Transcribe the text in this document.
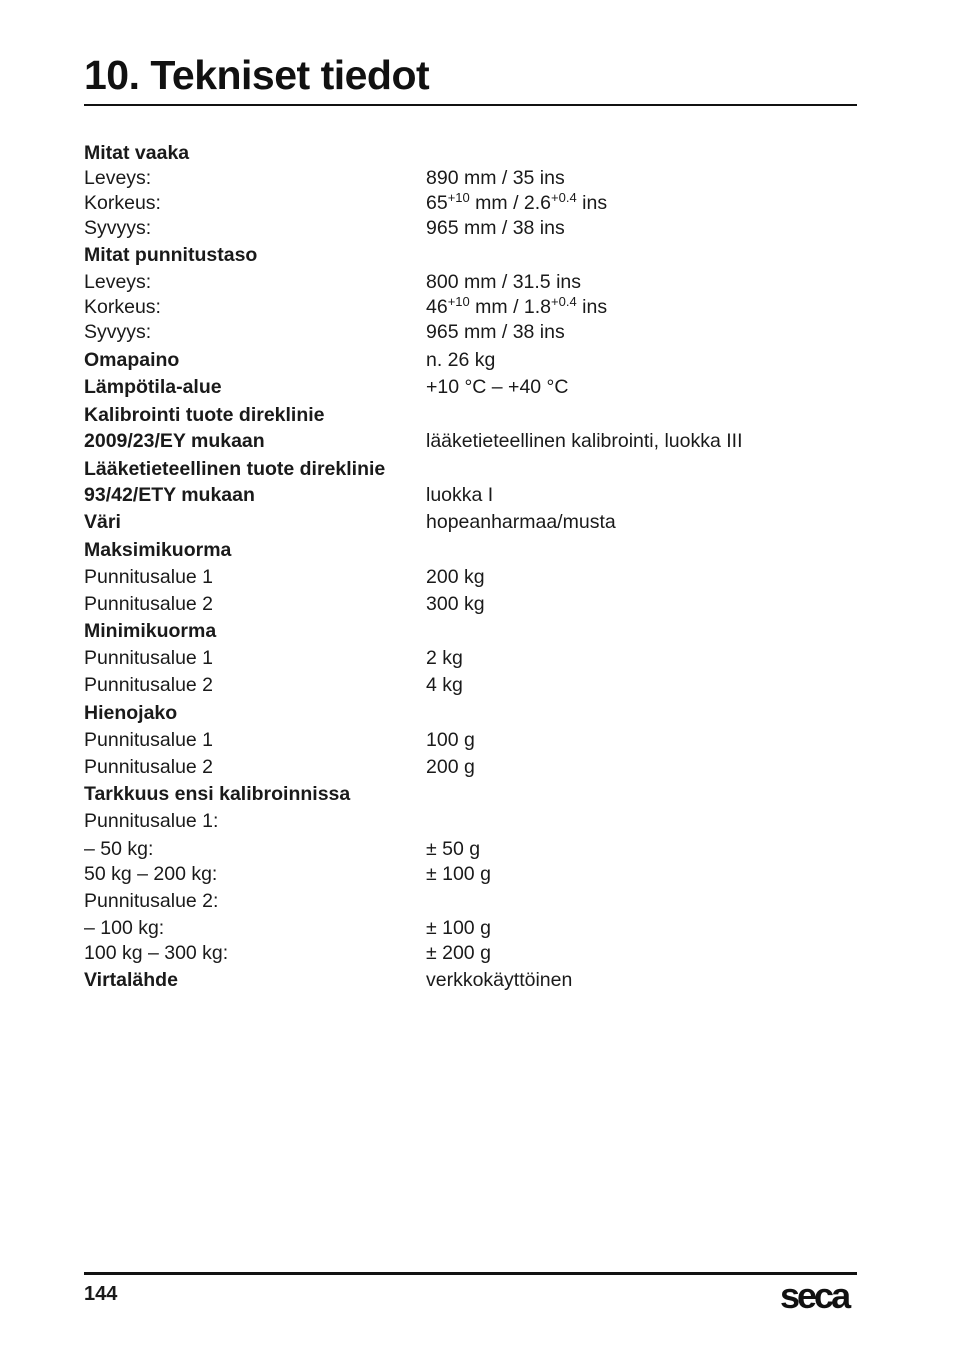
10. Tekniset tiedot
Mitat vaaka
Leveys:	890 mm / 35 ins
Korkeus:	$65^{+10}$ mm / $2.6^{+0.4}$ ins
Syvyys:	965 mm / 38 ins
Mitat punnitustaso
Leveys:	800 mm / 31.5 ins
Korkeus:	$46^{+10}$ mm / $1.8^{+0.4}$ ins
Syvyys:	965 mm / 38 ins
Omapaino	n. 26 kg
Lämpötila-alue	+10 °C – +40 °C
Kalibrointi tuote direklinie
2009/23/EY mukaan	lääketieteellinen kalibrointi, luokka III
Lääketieteellinen tuote direklinie
93/42/ETY mukaan	luokka I
Väri	hopeanharmaa/musta
Maksimikuorma
Punnitusalue 1	200 kg
Punnitusalue 2	300 kg
Minimikuorma
Punnitusalue 1	2 kg
Punnitusalue 2	4 kg
Hienojako
Punnitusalue 1	100 g
Punnitusalue 2	200 g
Tarkkuus ensi kalibroinnissa
Punnitusalue 1:
– 50 kg:	± 50 g
50 kg – 200 kg:	± 100 g
Punnitusalue 2:
– 100 kg:	± 100 g
100 kg – 300 kg:	± 200 g
Virtalähde	verkkokäyttöinen
144	seca
